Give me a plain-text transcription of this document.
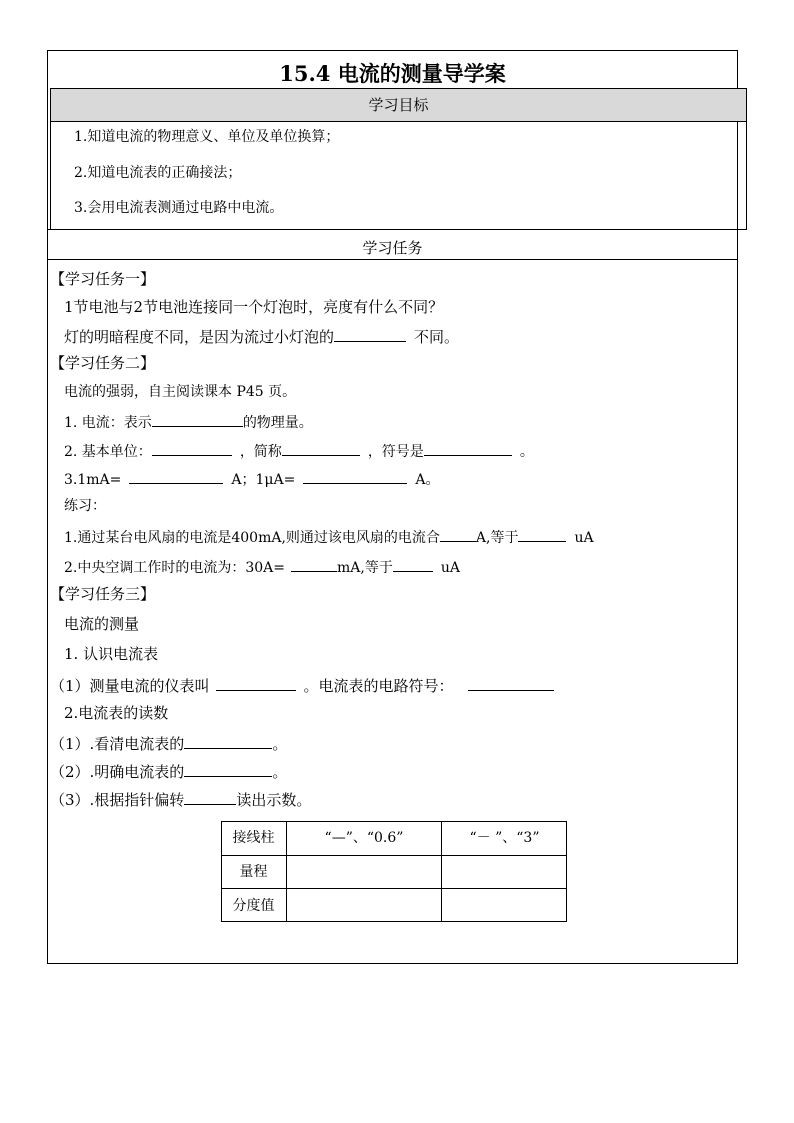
15.4 电流的测量导学案
学习目标
1.知道电流的物理意义、单位及单位换算；
2.知道电流表的正确接法；
3.会用电流表测通过电路中电流。
学习任务
【学习任务一】
1节电池与2节电池连接同一个灯泡时，亮度有什么不同？
灯的明暗程度不同，是因为流过小灯泡的	不同。
【学习任务二】
电流的强弱，自主阅读课本 P45 页。
1. 电流：表示	的物理量。
2. 基本单位：	，简称	，符号是	。
3.1mA=	A；1μA=	A。
练习：
1.通过某台电风扇的电流是400mA,则通过该电风扇的电流合	A,等于	uA
2.中央空调工作时的电流为：30A=	mA,等于	uA
【学习任务三】
电流的测量
1. 认识电流表
（1）测量电流的仪表叫	。电流表的电路符号：
2.电流表的读数
（1）.看清电流表的	。
（2）.明确电流表的	。
（3）.根据指针偏转	读出示数。
接线柱	“—”、“0.6”	“－ ”、“3”
量程
分度值
